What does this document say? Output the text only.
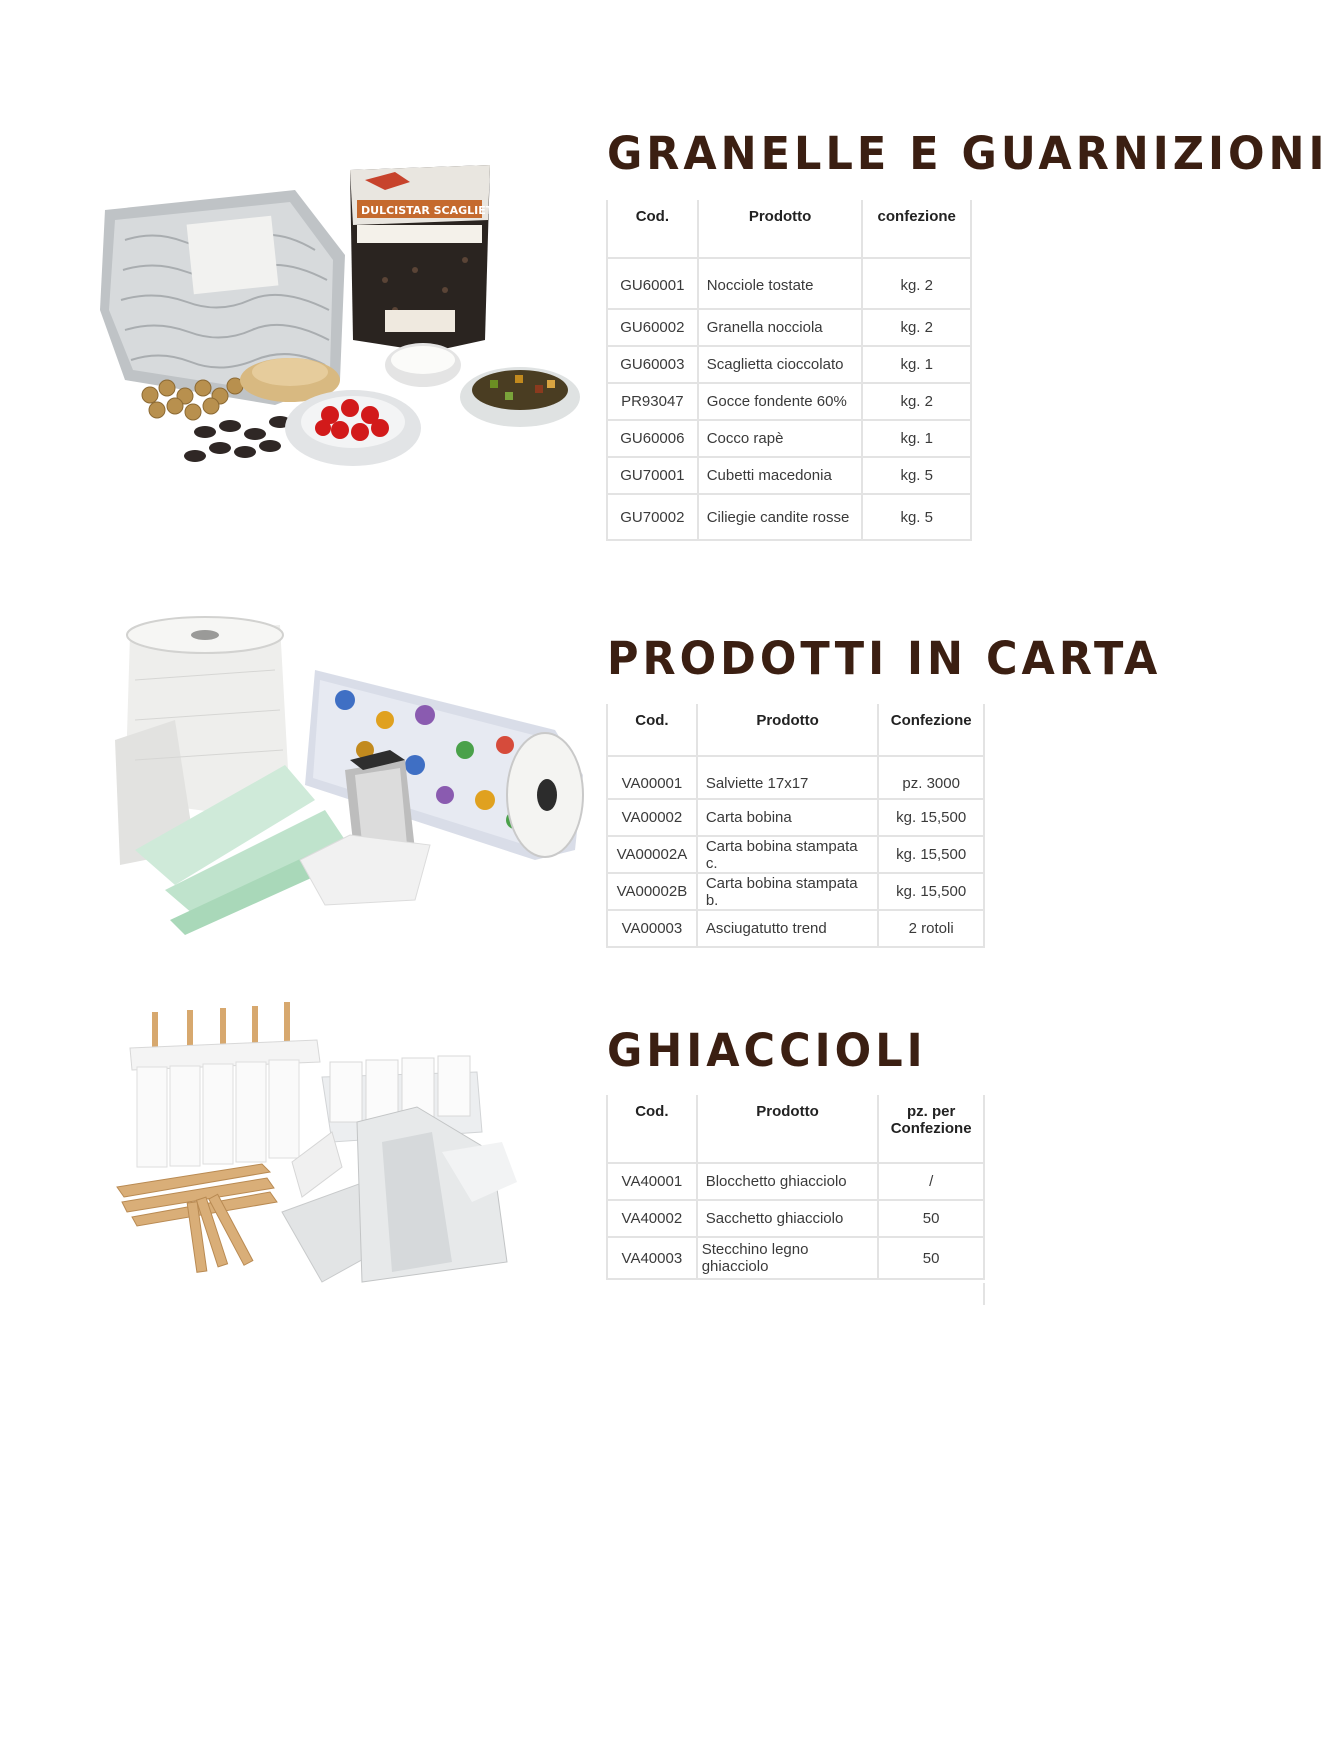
DULCISTAR SCAGLIETTA
GRANELLE E GUARNIZIONI
Cod.	Prodotto	confezione
GU60001	Nocciole tostate	kg. 2
GU60002	Granella nocciola	kg. 2
GU60003	Scaglietta cioccolato	kg. 1
PR93047	Gocce fondente 60%	kg. 2
GU60006	Cocco rapè	kg. 1
GU70001	Cubetti macedonia	kg. 5
GU70002	Ciliegie candite rosse	kg. 5
PRODOTTI IN CARTA
Cod.	Prodotto	Confezione
VA00001	Salviette 17x17	pz. 3000
VA00002	Carta bobina	kg. 15,500
VA00002A	Carta bobina stampata c.	kg. 15,500
VA00002B	Carta bobina stampata b.	kg. 15,500
VA00003	Asciugatutto trend	2 rotoli
GHIACCIOLI
Cod.	Prodotto	pz. per
Confezione
VA40001	Blocchetto ghiacciolo	/
VA40002	Sacchetto ghiacciolo	50
VA40003	Stecchino legno ghiacciolo	50
